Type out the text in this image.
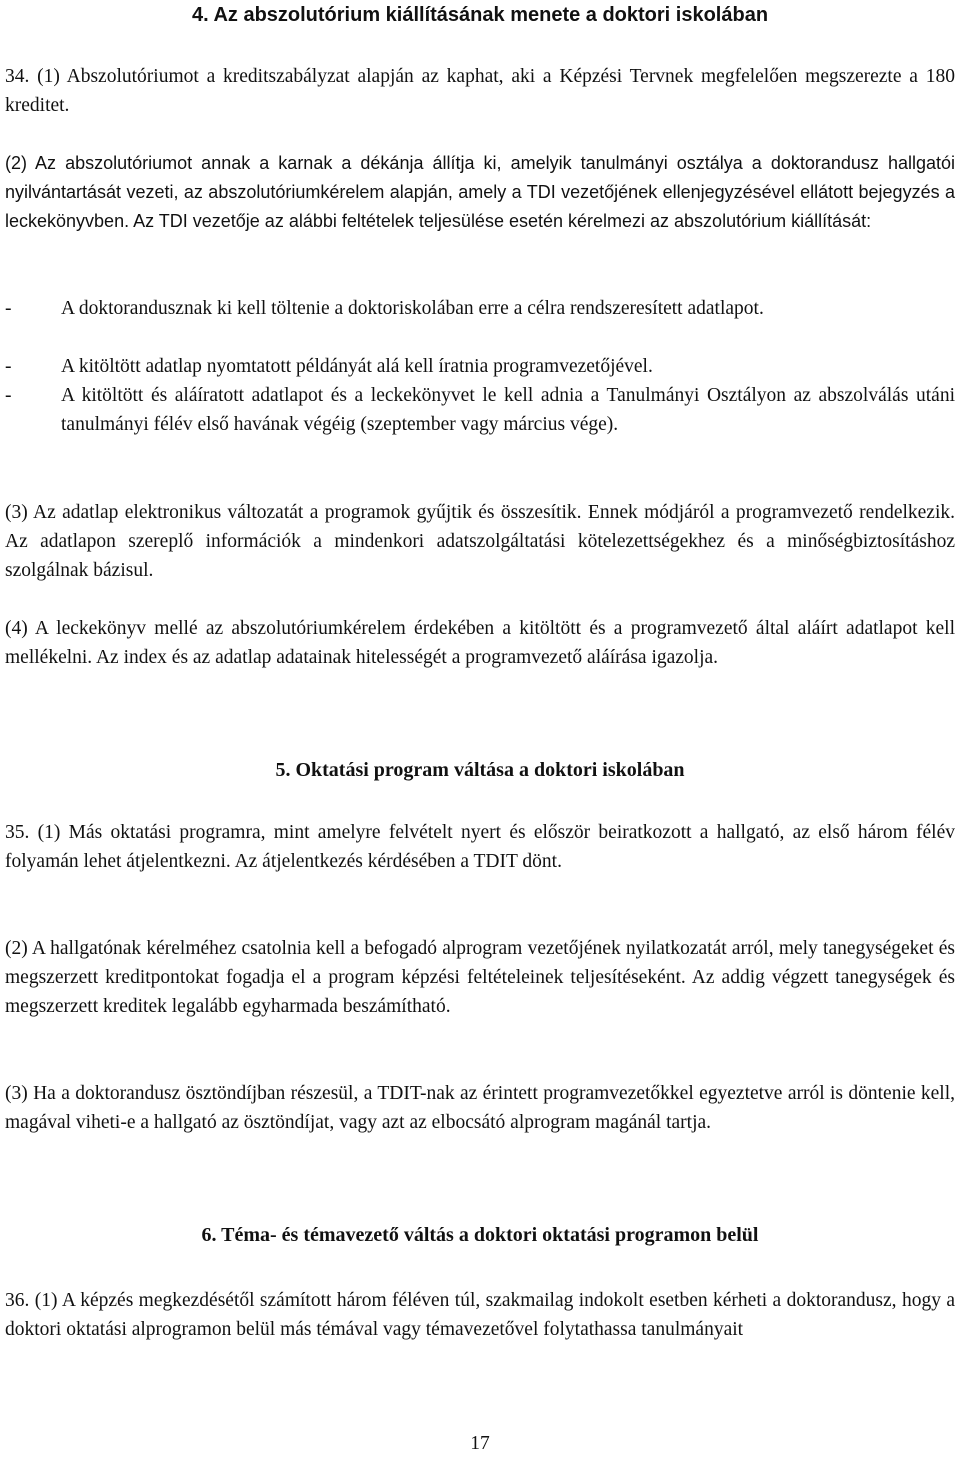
4. Az abszolutórium kiállításának menete a doktori iskolában

34. (1) Abszolutóriumot a kreditszabályzat alapján az kaphat, aki a Képzési Tervnek megfelelően megszerezte a 180 kreditet.

(2) Az abszolutóriumot annak a karnak a dékánja állítja ki, amelyik tanulmányi osztálya a doktorandusz hallgatói nyilvántartását vezeti, az abszolutóriumkérelem alapján, amely a TDI vezetőjének ellenjegyzésével ellátott bejegyzés a leckekönyvben. Az TDI vezetője az alábbi feltételek teljesülése esetén kérelmezi az abszolutórium kiállítását:

-	A doktorandusznak ki kell töltenie a doktoriskolában erre a célra rendszeresített adatlapot.
-	A kitöltött adatlap nyomtatott példányát alá kell íratnia programvezetőjével.
-	A kitöltött és aláíratott adatlapot és a leckekönyvet le kell adnia a Tanulmányi Osztályon az abszolválás utáni tanulmányi félév első havának végéig (szeptember vagy március vége).

(3) Az adatlap elektronikus változatát a programok gyűjtik és összesítik. Ennek módjáról a programvezető rendelkezik. Az adatlapon szereplő információk a mindenkori adatszolgáltatási kötelezettségekhez és a minőségbiztosításhoz szolgálnak bázisul.

(4) A leckekönyv mellé az abszolutóriumkérelem érdekében a kitöltött és a programvezető által aláírt adatlapot kell mellékelni. Az index és az adatlap adatainak hitelességét a programvezető aláírása igazolja.

5. Oktatási program váltása a doktori iskolában

35. (1) Más oktatási programra, mint amelyre felvételt nyert és először beiratkozott a hallgató, az első három félév folyamán lehet átjelentkezni. Az átjelentkezés kérdésében a TDIT dönt.

(2) A hallgatónak kérelméhez csatolnia kell a befogadó alprogram vezetőjének nyilatkozatát arról, mely tanegységeket és megszerzett kreditpontokat fogadja el a program képzési feltételeinek teljesítéseként. Az addig végzett tanegységek és megszerzett kreditek legalább egyharmada beszámítható.

(3) Ha a doktorandusz ösztöndíjban részesül, a TDIT-nak az érintett programvezetőkkel egyeztetve arról is döntenie kell, magával viheti-e a hallgató az ösztöndíjat, vagy azt az elbocsátó alprogram magánál tartja.

6. Téma- és témavezető váltás a doktori oktatási programon belül

36. (1) A képzés megkezdésétől számított három féléven túl, szakmailag indokolt esetben kérheti a doktorandusz, hogy a doktori oktatási alprogramon belül más témával vagy témavezetővel folytathassa tanulmányait

17
